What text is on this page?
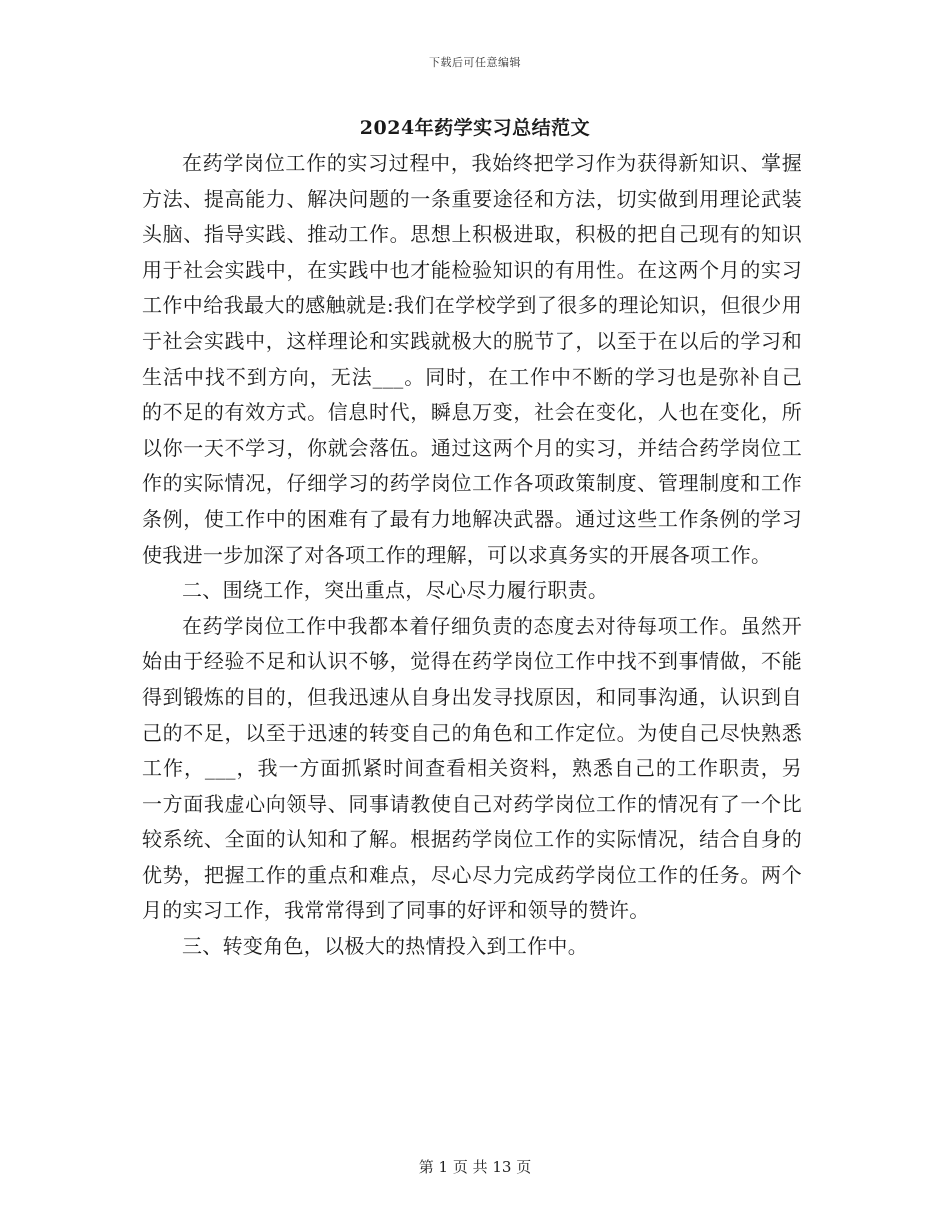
下载后可任意编辑
2024年药学实习总结范文

在药学岗位工作的实习过程中，我始终把学习作为获得新知识、掌握方法、提高能力、解决问题的一条重要途径和方法，切实做到用理论武装头脑、指导实践、推动工作。思想上积极进取，积极的把自己现有的知识用于社会实践中，在实践中也才能检验知识的有用性。在这两个月的实习工作中给我最大的感触就是:我们在学校学到了很多的理论知识，但很少用于社会实践中，这样理论和实践就极大的脱节了，以至于在以后的学习和生活中找不到方向，无法___。同时，在工作中不断的学习也是弥补自己的不足的有效方式。信息时代，瞬息万变，社会在变化，人也在变化，所以你一天不学习，你就会落伍。通过这两个月的实习，并结合药学岗位工作的实际情况，仔细学习的药学岗位工作各项政策制度、管理制度和工作条例，使工作中的困难有了最有力地解决武器。通过这些工作条例的学习使我进一步加深了对各项工作的理解，可以求真务实的开展各项工作。

二、围绕工作，突出重点，尽心尽力履行职责。

在药学岗位工作中我都本着仔细负责的态度去对待每项工作。虽然开始由于经验不足和认识不够，觉得在药学岗位工作中找不到事情做，不能得到锻炼的目的，但我迅速从自身出发寻找原因，和同事沟通，认识到自己的不足，以至于迅速的转变自己的角色和工作定位。为使自己尽快熟悉工作，___，我一方面抓紧时间查看相关资料，熟悉自己的工作职责，另一方面我虚心向领导、同事请教使自己对药学岗位工作的情况有了一个比较系统、全面的认知和了解。根据药学岗位工作的实际情况，结合自身的优势，把握工作的重点和难点，尽心尽力完成药学岗位工作的任务。两个月的实习工作，我常常得到了同事的好评和领导的赞许。

三、转变角色，以极大的热情投入到工作中。

第 1 页 共 13 页
